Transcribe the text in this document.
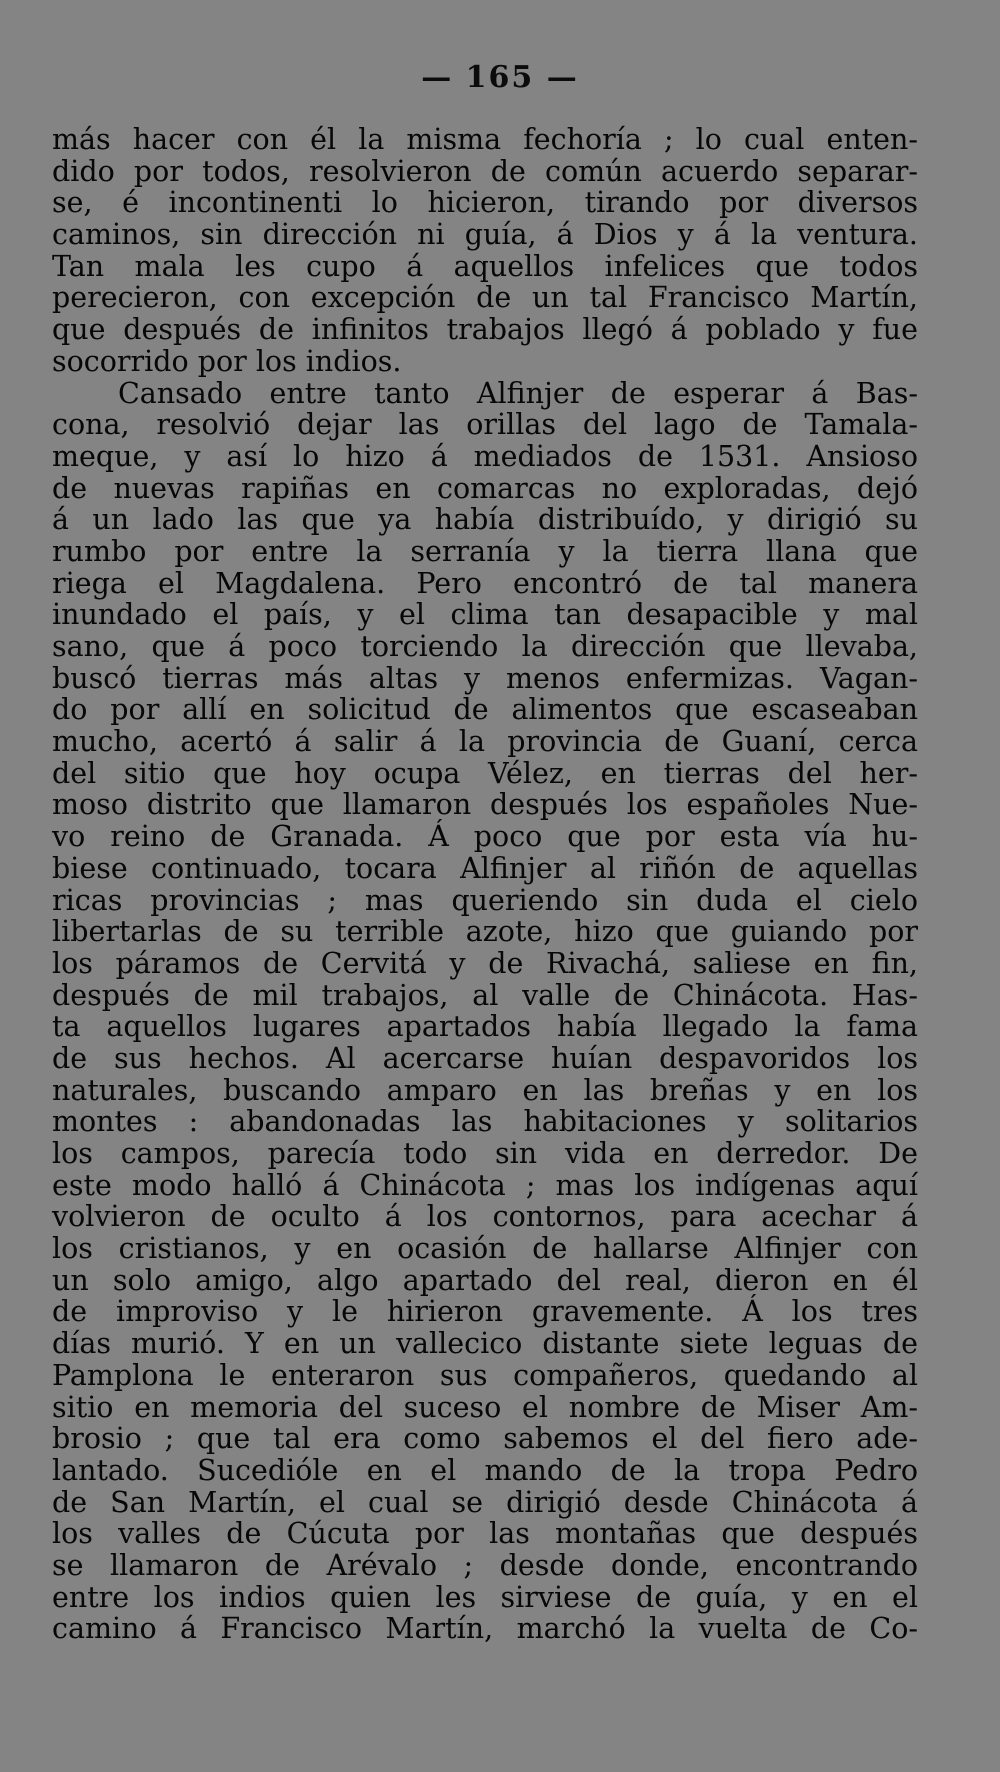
— 165 —
más hacer con él la misma fechoría ; lo cual enten-
dido por todos, resolvieron de común acuerdo separar-
se, é incontinenti lo hicieron, tirando por diversos
caminos, sin dirección ni guía, á Dios y á la ventura.
Tan mala les cupo á aquellos infelices que todos
perecieron, con excepción de un tal Francisco Martín,
que después de infinitos trabajos llegó á poblado y fue
socorrido por los indios.
Cansado entre tanto Alfinjer de esperar á Bas-
cona, resolvió dejar las orillas del lago de Tamala-
meque, y así lo hizo á mediados de 1531. Ansioso
de nuevas rapiñas en comarcas no exploradas, dejó
á un lado las que ya había distribuído, y dirigió su
rumbo por entre la serranía y la tierra llana que
riega el Magdalena. Pero encontró de tal manera
inundado el país, y el clima tan desapacible y mal
sano, que á poco torciendo la dirección que llevaba,
buscó tierras más altas y menos enfermizas. Vagan-
do por allí en solicitud de alimentos que escaseaban
mucho, acertó á salir á la provincia de Guaní, cerca
del sitio que hoy ocupa Vélez, en tierras del her-
moso distrito que llamaron después los españoles Nue-
vo reino de Granada. Á poco que por esta vía hu-
biese continuado, tocara Alfinjer al riñón de aquellas
ricas provincias ; mas queriendo sin duda el cielo
libertarlas de su terrible azote, hizo que guiando por
los páramos de Cervitá y de Rivachá, saliese en fin,
después de mil trabajos, al valle de Chinácota. Has-
ta aquellos lugares apartados había llegado la fama
de sus hechos. Al acercarse huían despavoridos los
naturales, buscando amparo en las breñas y en los
montes : abandonadas las habitaciones y solitarios
los campos, parecía todo sin vida en derredor. De
este modo halló á Chinácota ; mas los indígenas aquí
volvieron de oculto á los contornos, para acechar á
los cristianos, y en ocasión de hallarse Alfinjer con
un solo amigo, algo apartado del real, dieron en él
de improviso y le hirieron gravemente. Á los tres
días murió. Y en un vallecico distante siete leguas de
Pamplona le enteraron sus compañeros, quedando al
sitio en memoria del suceso el nombre de Miser Am-
brosio ; que tal era como sabemos el del fiero ade-
lantado. Sucedióle en el mando de la tropa Pedro
de San Martín, el cual se dirigió desde Chinácota á
los valles de Cúcuta por las montañas que después
se llamaron de Arévalo ; desde donde, encontrando
entre los indios quien les sirviese de guía, y en el
camino á Francisco Martín, marchó la vuelta de Co-
